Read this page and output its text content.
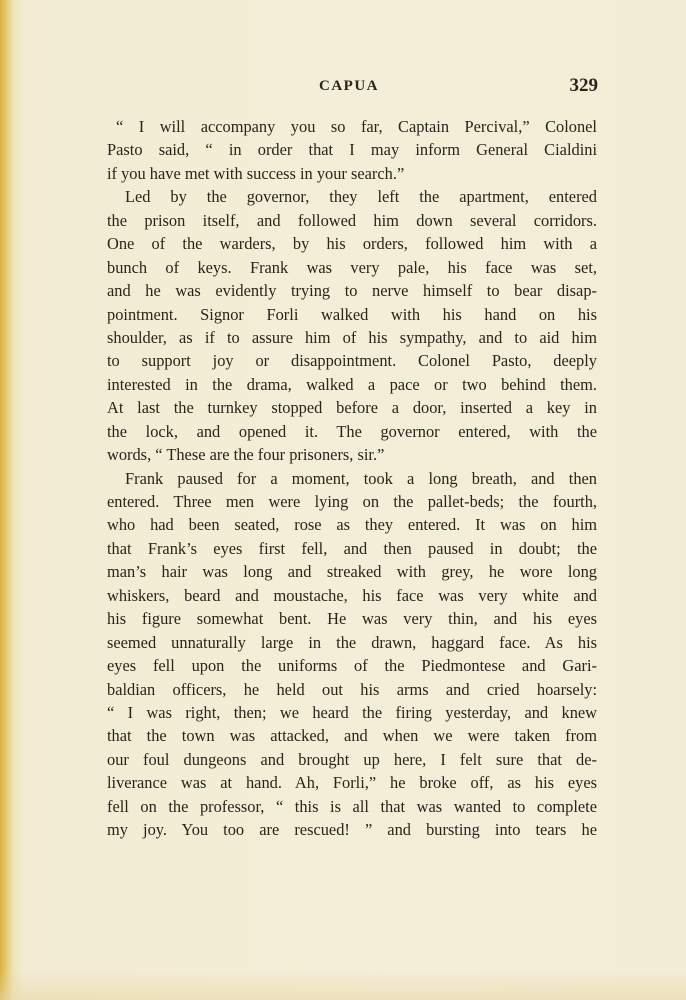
CAPUA	329
“ I will accompany you so far, Captain Percival,” Colonel
Pasto said, “ in order that I may inform General Cialdini
if you have met with success in your search.”
Led by the governor, they left the apartment, entered
the prison itself, and followed him down several corridors.
One of the warders, by his orders, followed him with a
bunch of keys. Frank was very pale, his face was set,
and he was evidently trying to nerve himself to bear disap-
pointment. Signor Forli walked with his hand on his
shoulder, as if to assure him of his sympathy, and to aid him
to support joy or disappointment. Colonel Pasto, deeply
interested in the drama, walked a pace or two behind them.
At last the turnkey stopped before a door, inserted a key in
the lock, and opened it. The governor entered, with the
words, “ These are the four prisoners, sir.”
Frank paused for a moment, took a long breath, and then
entered. Three men were lying on the pallet-beds; the fourth,
who had been seated, rose as they entered. It was on him
that Frank’s eyes first fell, and then paused in doubt; the
man’s hair was long and streaked with grey, he wore long
whiskers, beard and moustache, his face was very white and
his figure somewhat bent. He was very thin, and his eyes
seemed unnaturally large in the drawn, haggard face. As his
eyes fell upon the uniforms of the Piedmontese and Gari-
baldian officers, he held out his arms and cried hoarsely:
“ I was right, then; we heard the firing yesterday, and knew
that the town was attacked, and when we were taken from
our foul dungeons and brought up here, I felt sure that de-
liverance was at hand. Ah, Forli,” he broke off, as his eyes
fell on the professor, “ this is all that was wanted to complete
my joy. You too are rescued! ” and bursting into tears he
